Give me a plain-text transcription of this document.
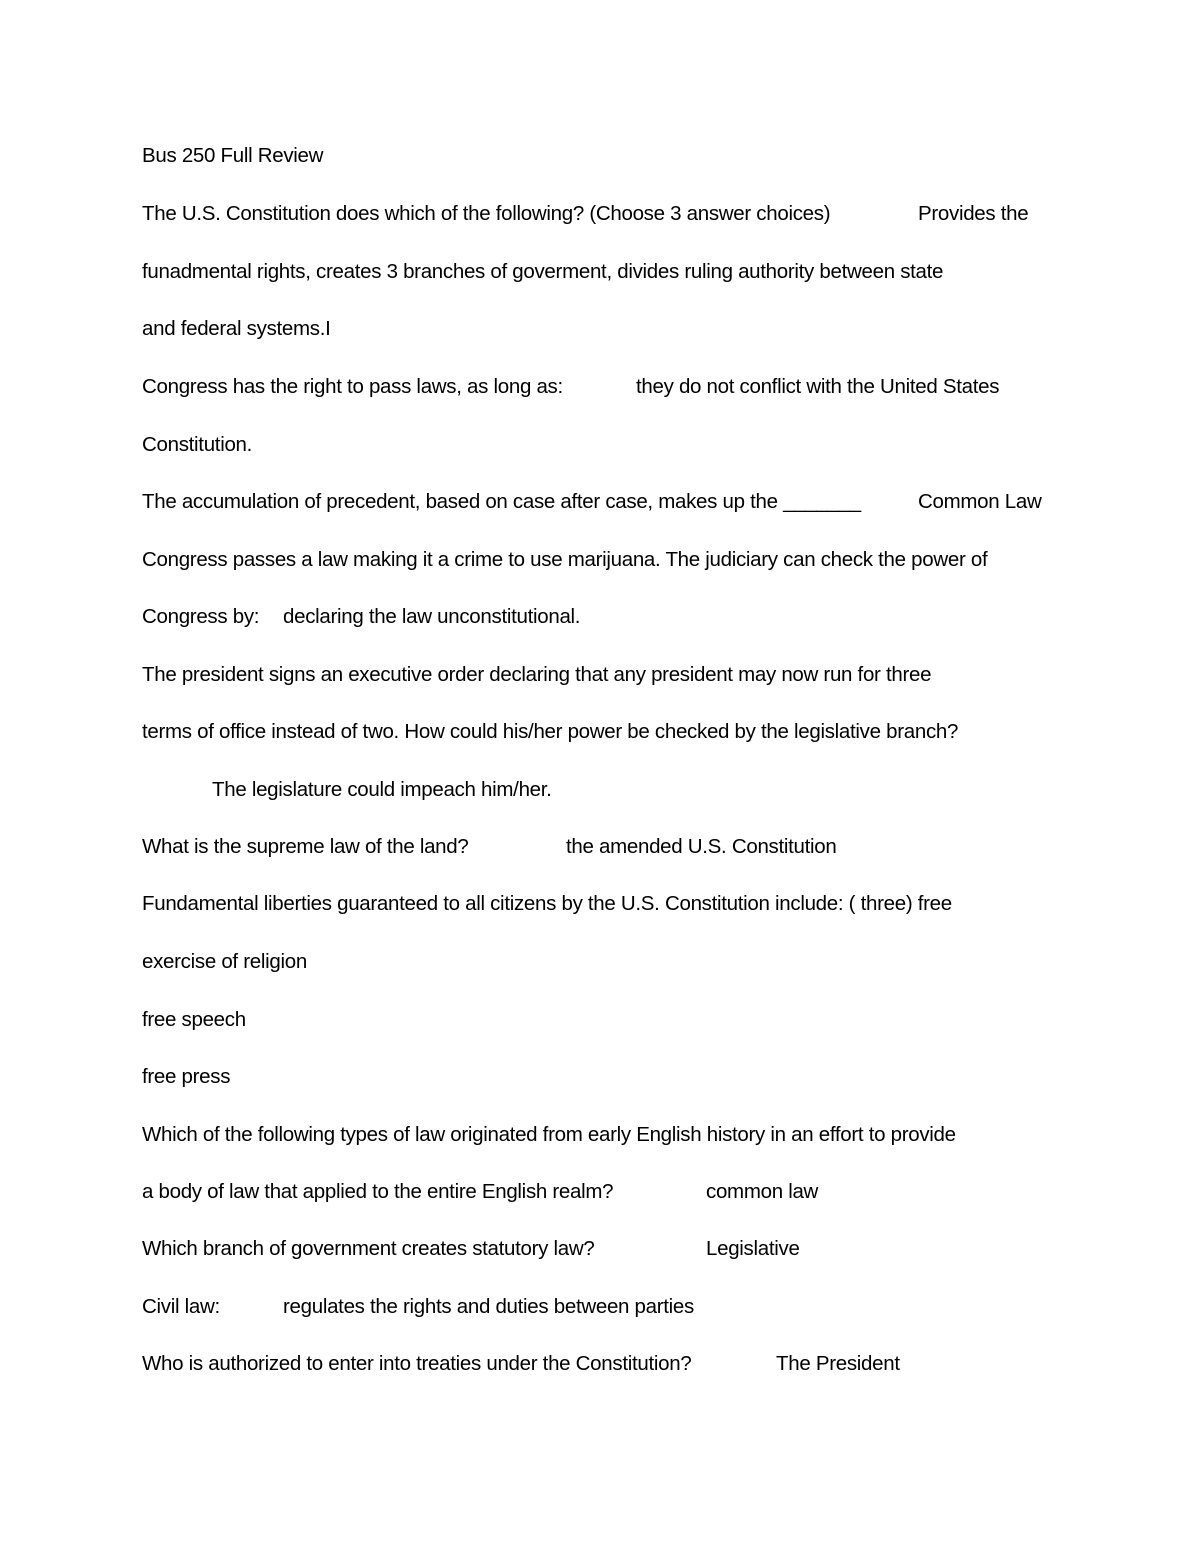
Bus 250 Full Review
The U.S. Constitution does which of the following? (Choose 3 answer choices)	Provides the
funadmental rights, creates 3 branches of goverment, divides ruling authority between state
and federal systems.I
Congress has the right to pass laws, as long as:	they do not conflict with the United States
Constitution.
The accumulation of precedent, based on case after case, makes up the _______	Common Law
Congress passes a law making it a crime to use marijuana. The judiciary can check the power of
Congress by: declaring the law unconstitutional.
The president signs an executive order declaring that any president may now run for three
terms of office instead of two. How could his/her power be checked by the legislative branch?
The legislature could impeach him/her.
What is the supreme law of the land?	the amended U.S. Constitution
Fundamental liberties guaranteed to all citizens by the U.S. Constitution include: ( three) free
exercise of religion
free speech
free press
Which of the following types of law originated from early English history in an effort to provide
a body of law that applied to the entire English realm?	common law
Which branch of government creates statutory law?	Legislative
Civil law:	regulates the rights and duties between parties
Who is authorized to enter into treaties under the Constitution?	The President
